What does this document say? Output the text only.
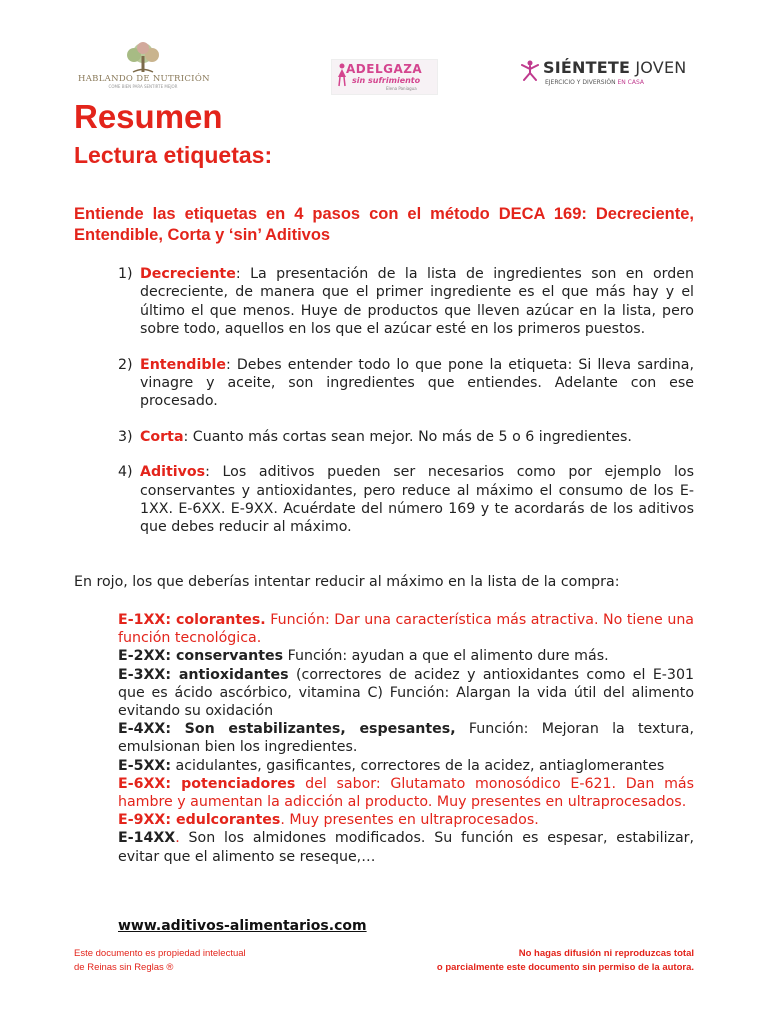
HABLANDO DE NUTRICIÓN
COME BIEN PARA SENTIRTE MEJOR
ADELGAZA
sin sufrimiento
Elena Paniagua
SIÉNTETE JOVEN
EJERCICIO Y DIVERSIÓN EN CASA
Resumen
Lectura etiquetas:

Entiende las etiquetas en 4 pasos con el método DECA 169: Decreciente, Entendible, Corta y ‘sin’ Aditivos

1) Decreciente: La presentación de la lista de ingredientes son en orden decreciente, de manera que el primer ingrediente es el que más hay y el último el que menos. Huye de productos que lleven azúcar en la lista, pero sobre todo, aquellos en los que el azúcar esté en los primeros puestos.
2) Entendible: Debes entender todo lo que pone la etiqueta: Si lleva sardina, vinagre y aceite, son ingredientes que entiendes. Adelante con ese procesado.
3) Corta: Cuanto más cortas sean mejor. No más de 5 o 6 ingredientes.
4) Aditivos: Los aditivos pueden ser necesarios como por ejemplo los conservantes y antioxidantes, pero reduce al máximo el consumo de los E-1XX. E-6XX. E-9XX. Acuérdate del número 169 y te acordarás de los aditivos que debes reducir al máximo.

En rojo, los que deberías intentar reducir al máximo en la lista de la compra:

E-1XX: colorantes. Función: Dar una característica más atractiva. No tiene una función tecnológica.
E-2XX: conservantes Función: ayudan a que el alimento dure más.
E-3XX: antioxidantes (correctores de acidez y antioxidantes como el E-301 que es ácido ascórbico, vitamina C) Función: Alargan la vida útil del alimento evitando su oxidación
E-4XX: Son estabilizantes, espesantes, Función: Mejoran la textura, emulsionan bien los ingredientes.
E-5XX: acidulantes, gasificantes, correctores de la acidez, antiaglomerantes
E-6XX: potenciadores del sabor: Glutamato monosódico E-621. Dan más hambre y aumentan la adicción al producto. Muy presentes en ultraprocesados.
E-9XX: edulcorantes. Muy presentes en ultraprocesados.
E-14XX. Son los almidones modificados. Su función es espesar, estabilizar, evitar que el alimento se reseque,…
www.aditivos-alimentarios.com

Este documento es propiedad intelectual
de Reinas sin Reglas ®

No hagas difusión ni reproduzcas total
o parcialmente este documento sin permiso de la autora.
